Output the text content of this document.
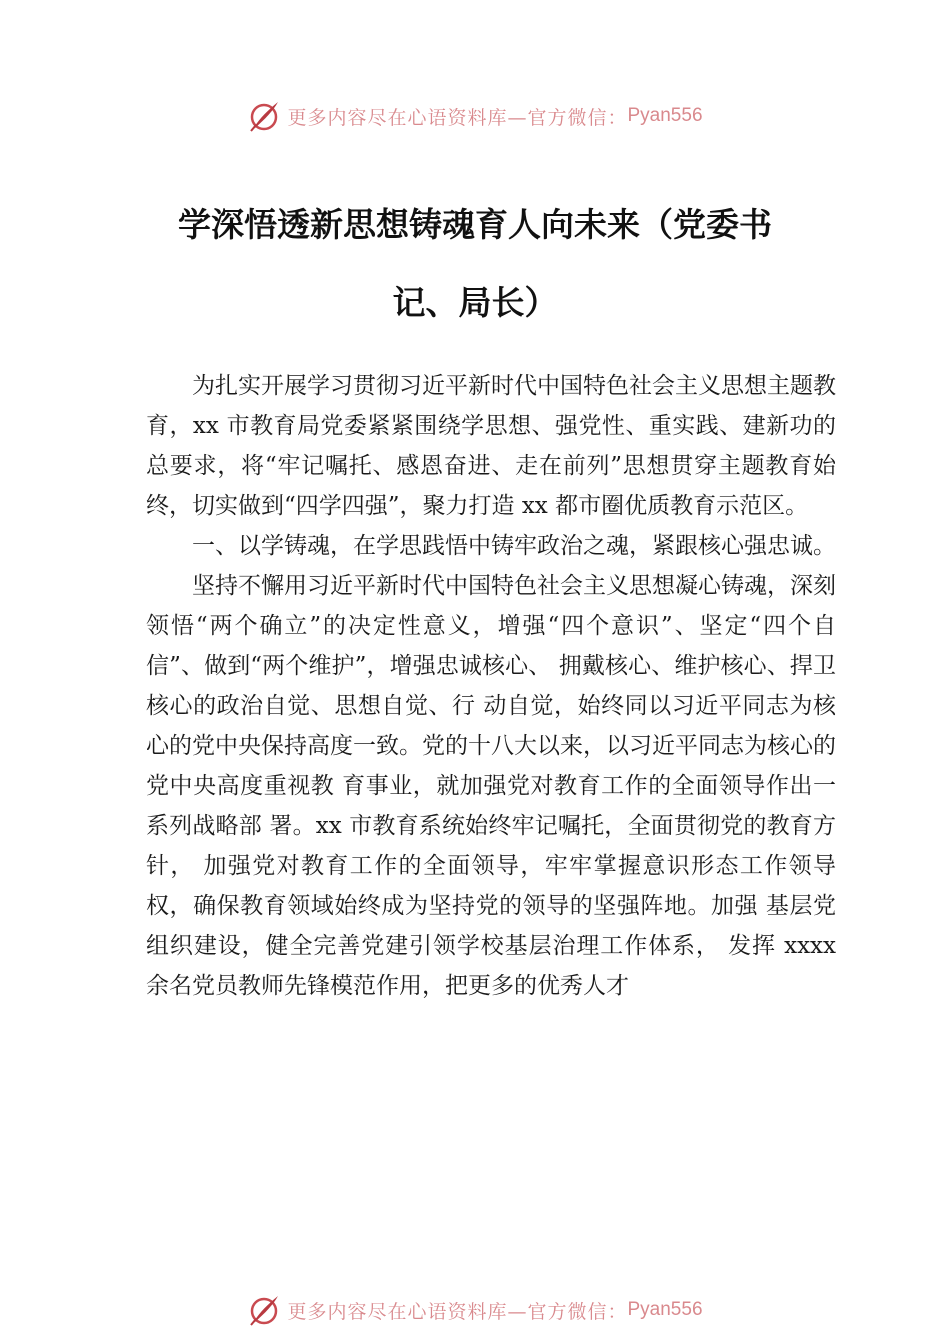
更多内容尽在心语资料库—官方微信： Pyan556
学深悟透新思想铸魂育人向未来（党委书
记、局长）

为扎实开展学习贯彻习近平新时代中国特色社会主义思想主题教育，xx 市教育局党委紧紧围绕学思想、强党性、重实践、建新功的总要求，将“牢记嘱托、感恩奋进、走在前列”思想贯穿主题教育始终，切实做到“四学四强”，聚力打造 xx 都市圈优质教育示范区。

一、以学铸魂，在学思践悟中铸牢政治之魂，紧跟核心强忠诚。

坚持不懈用习近平新时代中国特色社会主义思想凝心铸魂，深刻领悟“两个确立”的决定性意义，增强“四个意识”、坚定“四个自信”、做到“两个维护”，增强忠诚核心、 拥戴核心、维护核心、捍卫核心的政治自觉、思想自觉、行 动自觉，始终同以习近平同志为核心的党中央保持高度一致。党的十八大以来，以习近平同志为核心的党中央高度重视教 育事业，就加强党对教育工作的全面领导作出一系列战略部 署。xx 市教育系统始终牢记嘱托，全面贯彻党的教育方针， 加强党对教育工作的全面领导，牢牢掌握意识形态工作领导 权，确保教育领域始终成为坚持党的领导的坚强阵地。加强 基层党组织建设，健全完善党建引领学校基层治理工作体系， 发挥 xxxx 余名党员教师先锋模范作用，把更多的优秀人才

更多内容尽在心语资料库—官方微信： Pyan556
